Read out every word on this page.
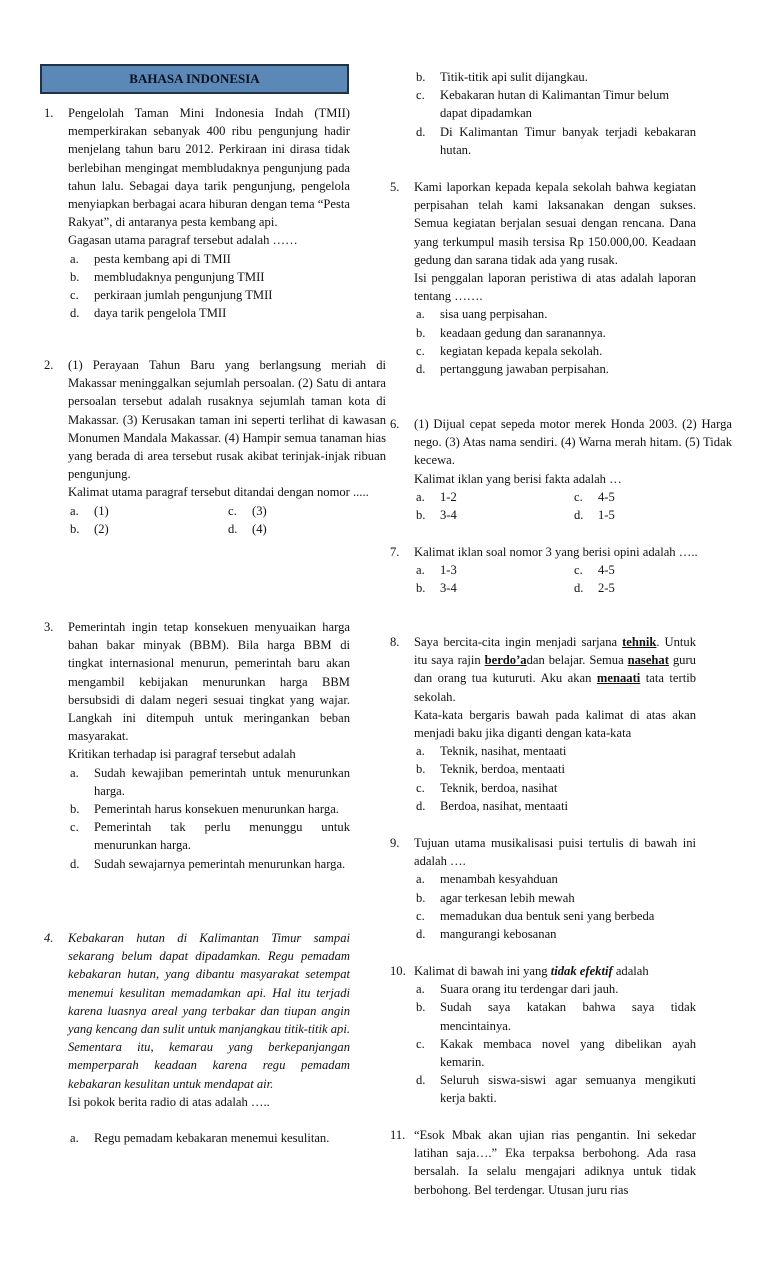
BAHASA INDONESIA
1.	Pengelolah Taman Mini Indonesia Indah (TMII) memperkirakan sebanyak 400 ribu pengunjung hadir menjelang tahun baru 2012. Perkiraan ini dirasa tidak berlebihan mengingat membludaknya pengunjung pada tahun lalu. Sebagai daya tarik pengunjung, pengelola menyiapkan berbagai acara hiburan dengan tema “Pesta Rakyat”, di antaranya pesta kembang api.

Gagasan utama paragraf tersebut adalah ……

a.	pesta kembang api di TMII
b.	membludaknya pengunjung TMII
c.	perkiraan jumlah pengunjung TMII
d.	daya tarik pengelola TMII
2.	(1) Perayaan Tahun Baru yang berlangsung meriah di Makassar meninggalkan sejumlah persoalan. (2) Satu di antara persoalan tersebut adalah rusaknya sejumlah taman kota di Makassar. (3) Kerusakan taman ini seperti terlihat di kawasan Monumen Mandala Makassar. (4) Hampir semua tanaman hias yang berada di area tersebut rusak akibat terinjak-injak ribuan pengunjung.

Kalimat utama paragraf tersebut ditandai dengan nomor .....

a.	(1)	c.	(3)
b.	(2)	d.	(4)
3.	Pemerintah ingin tetap konsekuen menyuaikan harga bahan bakar minyak (BBM). Bila harga BBM di tingkat internasional menurun, pemerintah baru akan mengambil kebijakan menurunkan harga BBM bersubsidi di dalam negeri sesuai tingkat yang wajar. Langkah ini ditempuh untuk meringankan beban masyarakat.

Kritikan terhadap isi paragraf tersebut adalah

a.	Sudah kewajiban pemerintah untuk menurunkan harga.
b.	Pemerintah harus konsekuen menurunkan harga.
c.	Pemerintah tak perlu menunggu untuk menurunkan harga.
d.	Sudah sewajarnya pemerintah menurunkan harga.
4.	Kebakaran hutan di Kalimantan Timur sampai sekarang belum dapat dipadamkan. Regu pemadam kebakaran hutan, yang dibantu masyarakat setempat menemui kesulitan memadamkan api. Hal itu terjadi karena luasnya areal yang terbakar dan tiupan angin yang kencang dan sulit untuk manjangkau titik-titik api. Sementara itu, kemarau yang berkepanjangan memperparah keadaan karena regu pemadam kebakaran kesulitan untuk mendapat air.

Isi pokok berita radio di atas adalah …..

a.	Regu pemadam kebakaran menemui kesulitan.
b.	Titik-titik api sulit dijangkau.
c.	Kebakaran hutan di Kalimantan Timur belum dapat dipadamkan
d.	Di Kalimantan Timur banyak terjadi kebakaran hutan.
5.	Kami laporkan kepada kepala sekolah bahwa kegiatan perpisahan telah kami laksanakan dengan sukses. Semua kegiatan berjalan sesuai dengan rencana. Dana yang terkumpul masih tersisa Rp 150.000,00. Keadaan gedung dan sarana tidak ada yang rusak.

Isi penggalan laporan peristiwa di atas adalah laporan tentang …….

a.	sisa uang perpisahan.
b.	keadaan gedung dan saranannya.
c.	kegiatan kepada kepala sekolah.
d.	pertanggung jawaban perpisahan.
6.	(1) Dijual cepat sepeda motor merek Honda 2003. (2) Harga nego. (3) Atas nama sendiri. (4) Warna merah hitam. (5) Tidak kecewa.

Kalimat iklan yang berisi fakta adalah …

a.	1-2	c.	4-5
b.	3-4	d.	1-5
7.	Kalimat iklan soal nomor 3 yang berisi opini adalah …..

a.	1-3	c.	4-5
b.	3-4	d.	2-5
8.	Saya bercita-cita ingin menjadi sarjana tehnik. Untuk itu saya rajin berdo’adan belajar. Semua nasehat guru dan orang tua kuturuti. Aku akan menaati tata tertib sekolah.

Kata-kata bergaris bawah pada kalimat di atas akan menjadi baku jika diganti dengan kata-kata

a.	Teknik, nasihat, mentaati
b.	Teknik, berdoa, mentaati
c.	Teknik, berdoa, nasihat
d.	Berdoa, nasihat, mentaati
9.	Tujuan utama musikalisasi puisi tertulis di bawah ini adalah ….

a.	menambah kesyahduan
b.	agar terkesan lebih mewah
c.	memadukan dua bentuk seni yang berbeda
d.	mangurangi kebosanan
10. Kalimat di bawah ini yang tidak efektif adalah

a.	Suara orang itu terdengar dari jauh.
b.	Sudah saya katakan bahwa saya tidak mencintainya.
c.	Kakak membaca novel yang dibelikan ayah kemarin.
d.	Seluruh siswa-siswi agar semuanya mengikuti kerja bakti.
11. “Esok Mbak akan ujian rias pengantin. Ini sekedar latihan saja….” Eka terpaksa berbohong. Ada rasa bersalah. Ia selalu mengajari adiknya untuk tidak berbohong. Bel terdengar. Utusan juru rias
